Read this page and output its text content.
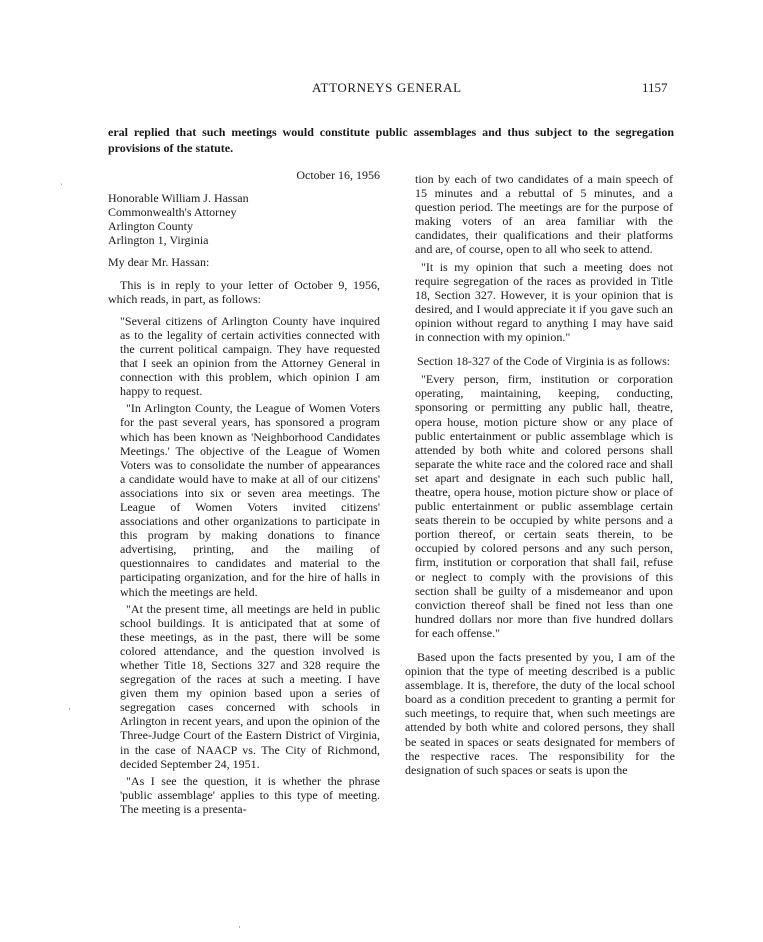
ATTORNEYS GENERAL	1157
eral replied that such meetings would constitute public assemblages and thus subject to the segregation provisions of the statute.

October 16, 1956

Honorable William J. Hassan

Commonwealth's Attorney

Arlington County

Arlington 1, Virginia

My dear Mr. Hassan:

This is in reply to your letter of October 9, 1956, which reads, in part, as follows:

"Several citizens of Arlington County have inquired as to the legality of certain activities connected with the current political campaign. They have requested that I seek an opinion from the Attorney General in connection with this problem, which opinion I am happy to request.

"In Arlington County, the League of Women Voters for the past several years, has sponsored a program which has been known as 'Neighborhood Candidates Meetings.' The objective of the League of Women Voters was to consolidate the number of appearances a candidate would have to make at all of our citizens' associations into six or seven area meetings. The League of Women Voters invited citizens' associations and other organizations to participate in this program by making donations to finance advertising, printing, and the mailing of questionnaires to candidates and material to the participating organization, and for the hire of halls in which the meetings are held.

"At the present time, all meetings are held in public school buildings. It is anticipated that at some of these meetings, as in the past, there will be some colored attendance, and the question involved is whether Title 18, Sections 327 and 328 require the segregation of the races at such a meeting. I have given them my opinion based upon a series of segregation cases concerned with schools in Arlington in recent years, and upon the opinion of the Three-Judge Court of the Eastern District of Virginia, in the case of NAACP vs. The City of Richmond, decided September 24, 1951.

"As I see the question, it is whether the phrase 'public assemblage' applies to this type of meeting. The meeting is a presenta-

tion by each of two candidates of a main speech of 15 minutes and a rebuttal of 5 minutes, and a question period. The meetings are for the purpose of making voters of an area familiar with the candidates, their qualifications and their platforms and are, of course, open to all who seek to attend.

"It is my opinion that such a meeting does not require segregation of the races as provided in Title 18, Section 327. However, it is your opinion that is desired, and I would appreciate it if you gave such an opinion without regard to anything I may have said in connection with my opinion."

Section 18-327 of the Code of Virginia is as follows:

"Every person, firm, institution or corporation operating, maintaining, keeping, conducting, sponsoring or permitting any public hall, theatre, opera house, motion picture show or any place of public entertainment or public assemblage which is attended by both white and colored persons shall separate the white race and the colored race and shall set apart and designate in each such public hall, theatre, opera house, motion picture show or place of public entertainment or public assemblage certain seats therein to be occupied by white persons and a portion thereof, or certain seats therein, to be occupied by colored persons and any such person, firm, institution or corporation that shall fail, refuse or neglect to comply with the provisions of this section shall be guilty of a misdemeanor and upon conviction thereof shall be fined not less than one hundred dollars nor more than five hundred dollars for each offense."

Based upon the facts presented by you, I am of the opinion that the type of meeting described is a public assemblage. It is, therefore, the duty of the local school board as a condition precedent to granting a permit for such meetings, to require that, when such meetings are attended by both white and colored persons, they shall be seated in spaces or seats designated for members of the respective races. The responsibility for the designation of such spaces or seats is upon the

ˈ
·
·
